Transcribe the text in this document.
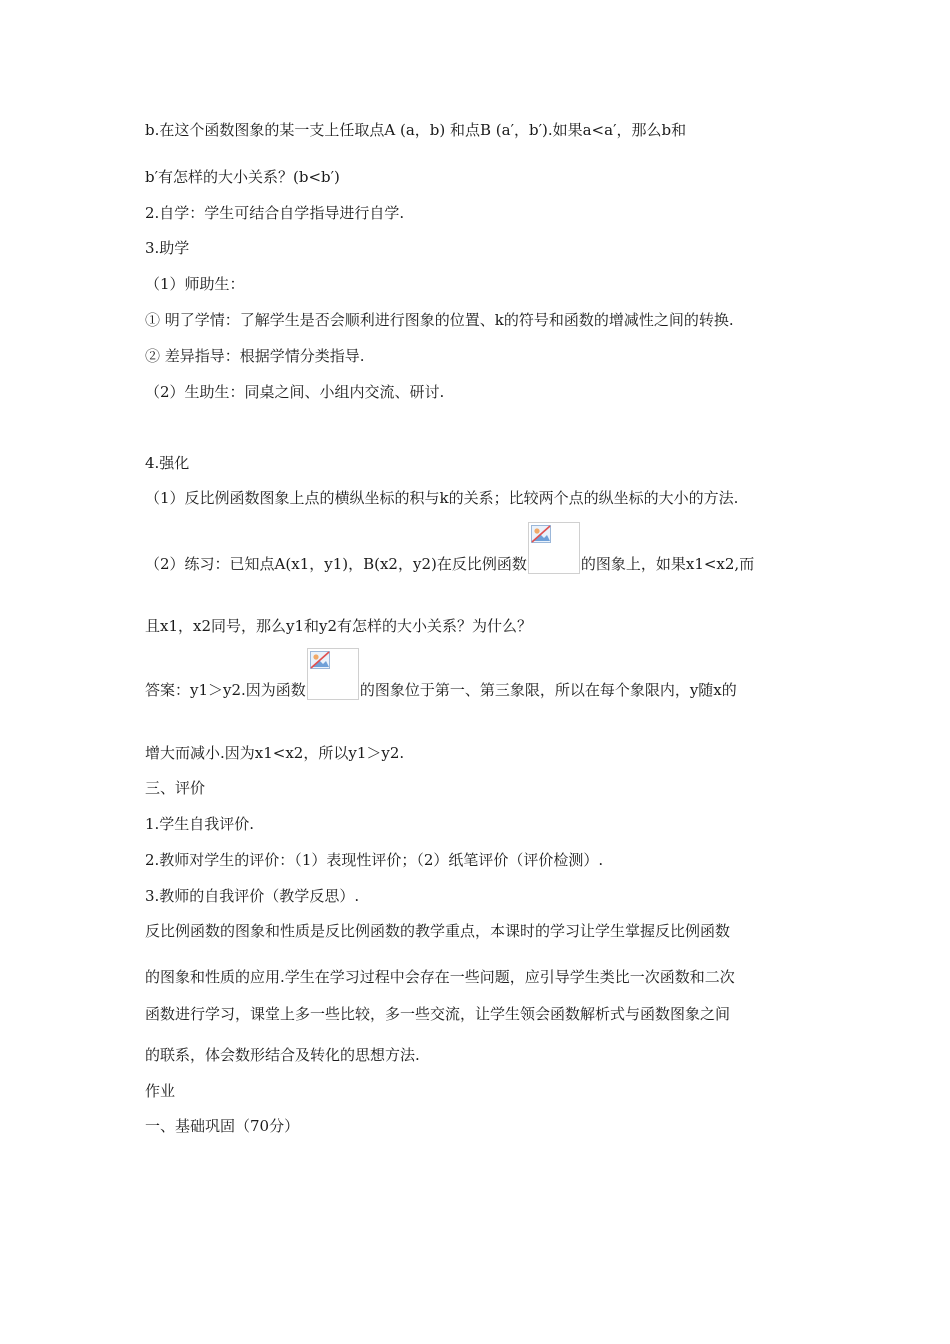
b.在这个函数图象的某一支上任取点A (a，b) 和点B (a′，b′).如果a<a′，那么b和
b′有怎样的大小关系？(b<b′)
2.自学：学生可结合自学指导进行自学.
3.助学
（1）师助生：
① 明了学情：了解学生是否会顺利进行图象的位置、k的符号和函数的增减性之间的转换.
② 差异指导：根据学情分类指导.
（2）生助生：同桌之间、小组内交流、研讨.
4.强化
（1）反比例函数图象上点的横纵坐标的积与k的关系；比较两个点的纵坐标的大小的方法.
（2）练习：已知点A(x1，y1)，B(x2，y2)在反比例函数	的图象上，如果x1<x2,而
且x1，x2同号，那么y1和y2有怎样的大小关系？为什么？
答案：y1＞y2.因为函数	的图象位于第一、第三象限，所以在每个象限内，y随x的
增大而减小.因为x1<x2，所以y1＞y2.
三、评价
1.学生自我评价.
2.教师对学生的评价：（1）表现性评价；（2）纸笔评价（评价检测）.
3.教师的自我评价（教学反思）.
反比例函数的图象和性质是反比例函数的教学重点，本课时的学习让学生掌握反比例函数
的图象和性质的应用.学生在学习过程中会存在一些问题，应引导学生类比一次函数和二次
函数进行学习，课堂上多一些比较，多一些交流，让学生领会函数解析式与函数图象之间
的联系，体会数形结合及转化的思想方法.
作业
一、基础巩固（70分）
